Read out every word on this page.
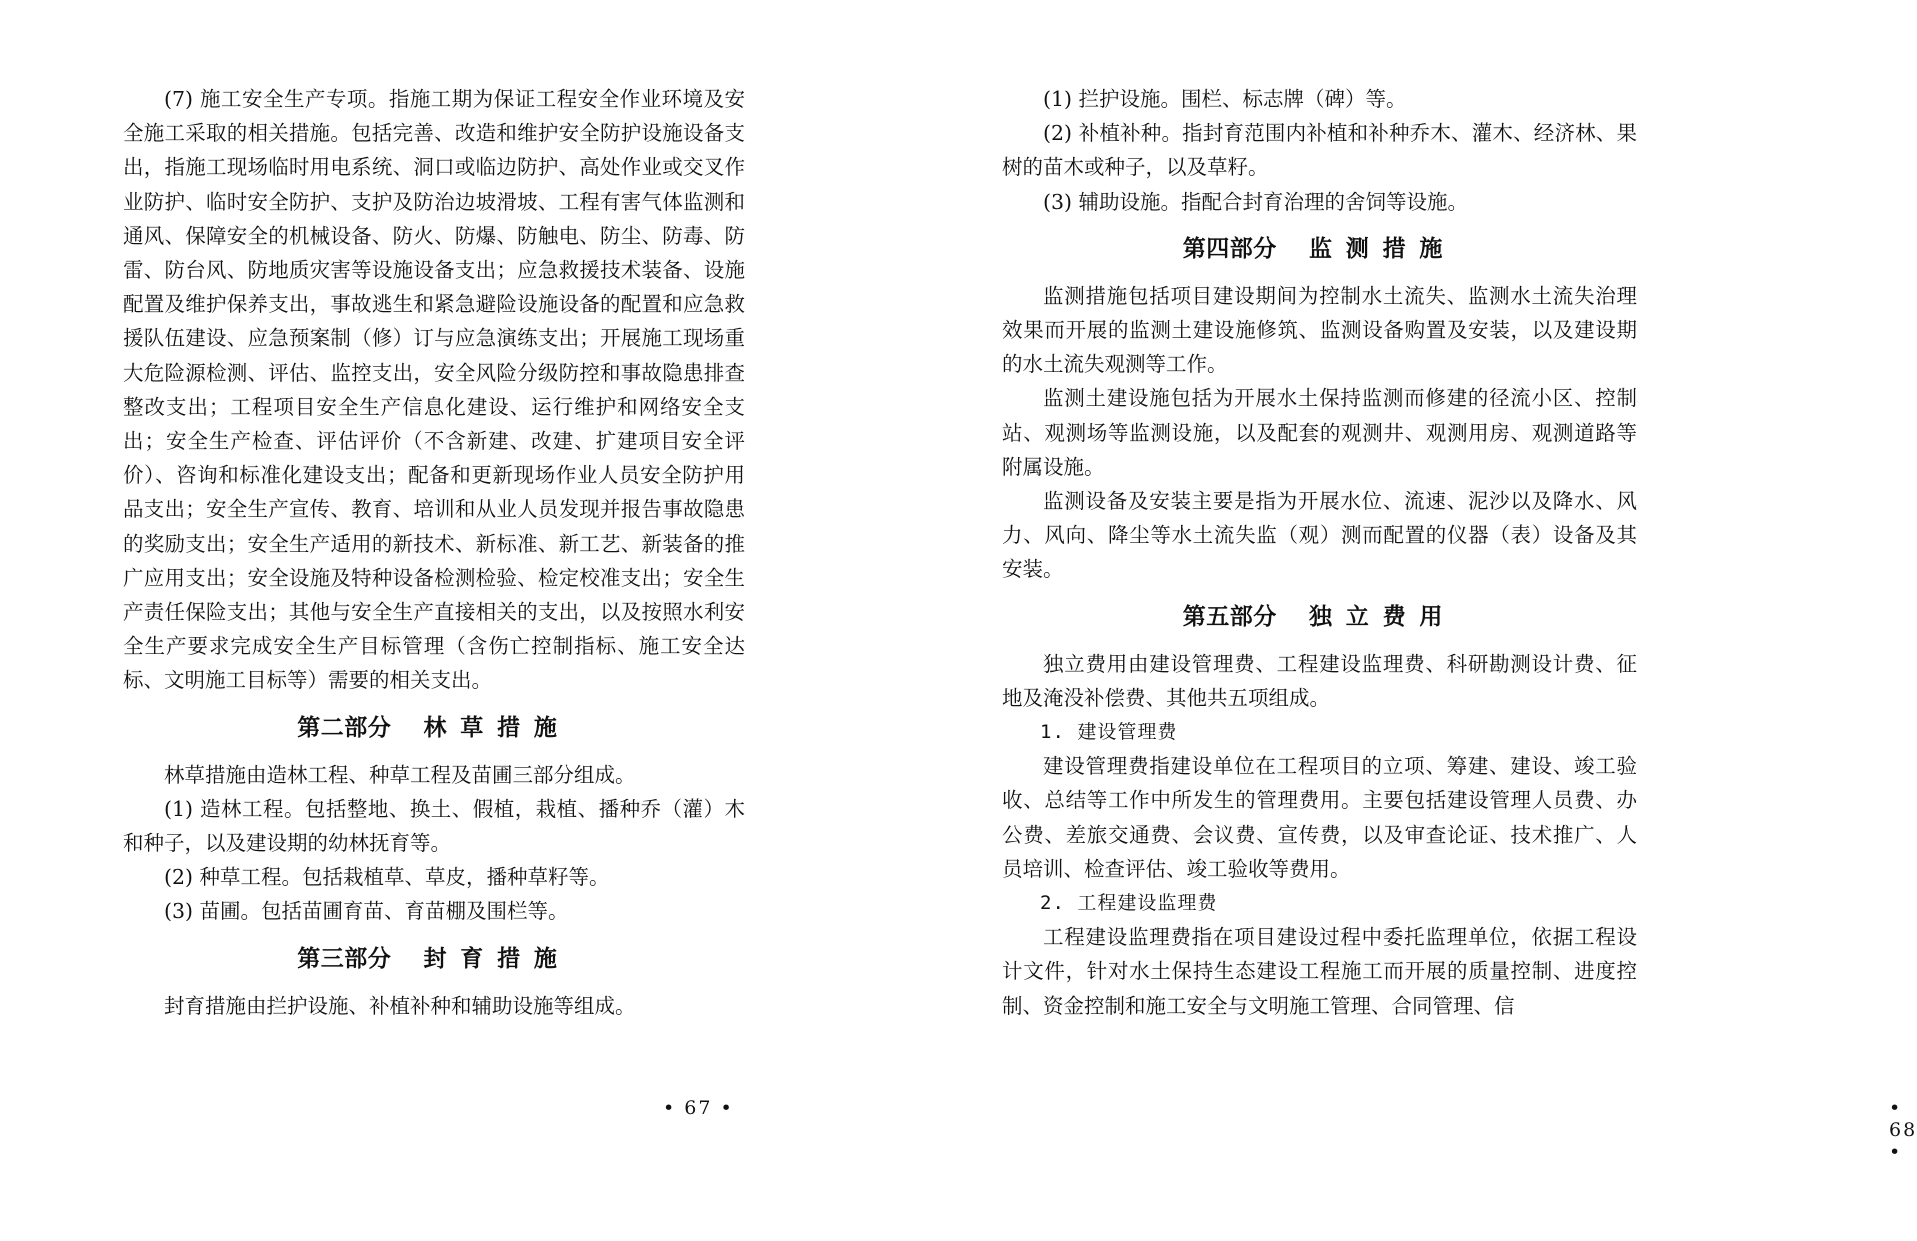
(7) 施工安全生产专项。指施工期为保证工程安全作业环境及安全施工采取的相关措施。包括完善、改造和维护安全防护设施设备支出，指施工现场临时用电系统、洞口或临边防护、高处作业或交叉作业防护、临时安全防护、支护及防治边坡滑坡、工程有害气体监测和通风、保障安全的机械设备、防火、防爆、防触电、防尘、防毒、防雷、防台风、防地质灾害等设施设备支出；应急救援技术装备、设施配置及维护保养支出，事故逃生和紧急避险设施设备的配置和应急救援队伍建设、应急预案制（修）订与应急演练支出；开展施工现场重大危险源检测、评估、监控支出，安全风险分级防控和事故隐患排查整改支出；工程项目安全生产信息化建设、运行维护和网络安全支出；安全生产检查、评估评价（不含新建、改建、扩建项目安全评价）、咨询和标准化建设支出；配备和更新现场作业人员安全防护用品支出；安全生产宣传、教育、培训和从业人员发现并报告事故隐患的奖励支出；安全生产适用的新技术、新标准、新工艺、新装备的推广应用支出；安全设施及特种设备检测检验、检定校准支出；安全生产责任保险支出；其他与安全生产直接相关的支出，以及按照水利安全生产要求完成安全生产目标管理（含伤亡控制指标、施工安全达标、文明施工目标等）需要的相关支出。

第二部分 林草措施

林草措施由造林工程、种草工程及苗圃三部分组成。

(1) 造林工程。包括整地、换土、假植，栽植、播种乔（灌）木和种子，以及建设期的幼林抚育等。

(2) 种草工程。包括栽植草、草皮，播种草籽等。

(3) 苗圃。包括苗圃育苗、育苗棚及围栏等。

第三部分 封育措施

封育措施由拦护设施、补植补种和辅助设施等组成。

• 67 •

(1) 拦护设施。围栏、标志牌（碑）等。

(2) 补植补种。指封育范围内补植和补种乔木、灌木、经济林、果树的苗木或种子，以及草籽。

(3) 辅助设施。指配合封育治理的舍饲等设施。

第四部分 监测措施

监测措施包括项目建设期间为控制水土流失、监测水土流失治理效果而开展的监测土建设施修筑、监测设备购置及安装，以及建设期的水土流失观测等工作。

监测土建设施包括为开展水土保持监测而修建的径流小区、控制站、观测场等监测设施，以及配套的观测井、观测用房、观测道路等附属设施。

监测设备及安装主要是指为开展水位、流速、泥沙以及降水、风力、风向、降尘等水土流失监（观）测而配置的仪器（表）设备及其安装。

第五部分 独立费用

独立费用由建设管理费、工程建设监理费、科研勘测设计费、征地及淹没补偿费、其他共五项组成。

1. 建设管理费

建设管理费指建设单位在工程项目的立项、筹建、建设、竣工验收、总结等工作中所发生的管理费用。主要包括建设管理人员费、办公费、差旅交通费、会议费、宣传费，以及审查论证、技术推广、人员培训、检查评估、竣工验收等费用。

2. 工程建设监理费

工程建设监理费指在项目建设过程中委托监理单位，依据工程设计文件，针对水土保持生态建设工程施工而开展的质量控制、进度控制、资金控制和施工安全与文明施工管理、合同管理、信

• 68 •
